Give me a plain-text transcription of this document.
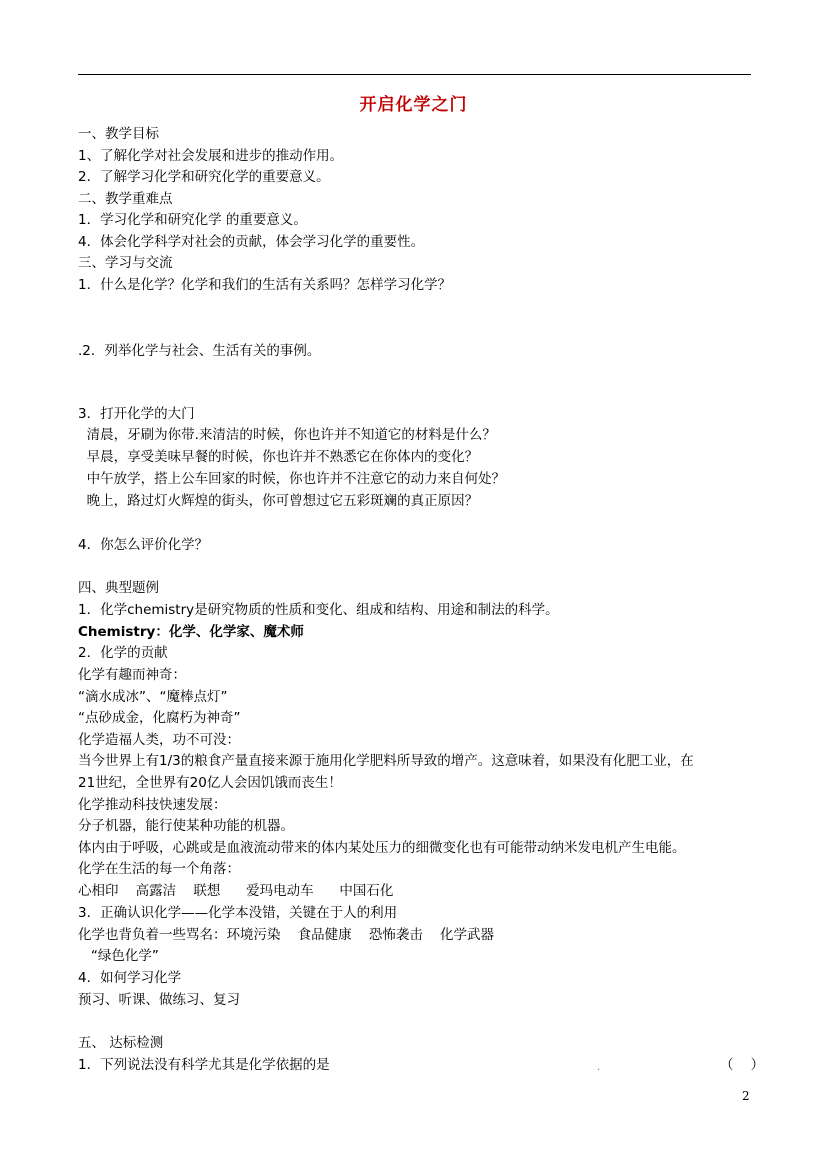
开启化学之门
一、教学目标
1、了解化学对社会发展和进步的推动作用。
2．了解学习化学和研究化学的重要意义。
二、教学重难点
1．学习化学和研究化学 的重要意义。
4．体会化学科学对社会的贡献，体会学习化学的重要性。
三、学习与交流
1．什么是化学？化学和我们的生活有关系吗？怎样学习化学？
.2．列举化学与社会、生活有关的事例。
3．打开化学的大门
清晨，牙刷为你带.来清洁的时候，你也许并不知道它的材料是什么？
早晨，享受美味早餐的时候，你也许并不熟悉它在你体内的变化？
中午放学，搭上公车回家的时候，你也许并不注意它的动力来自何处？
晚上，路过灯火辉煌的街头，你可曾想过它五彩斑斓的真正原因？
4．你怎么评价化学？
四、典型题例
1．化学chemistry是研究物质的性质和变化、组成和结构、用途和制法的科学。
Chemistry：化学、化学家、魔术师
2．化学的贡献
化学有趣而神奇：
“滴水成冰”、“魔棒点灯”
“点砂成金，化腐朽为神奇”
化学造福人类，功不可没：
当今世界上有1/3的粮食产量直接来源于施用化学肥料所导致的增产。这意味着，如果没有化肥工业，在
21世纪，全世界有20亿人会因饥饿而丧生！
化学推动科技快速发展：
分子机器，能行使某种功能的机器。
体内由于呼吸，心跳或是血液流动带来的体内某处压力的细微变化也有可能带动纳米发电机产生电能。
化学在生活的每一个角落：
心相印    高露洁    联想      爱玛电动车      中国石化
3．正确认识化学——化学本没错，关键在于人的利用
化学也背负着一些骂名：环境污染    食品健康    恐怖袭击    化学武器
“绿色化学”
4．如何学习化学
预习、听课、做练习、复习
五、 达标检测
1．下列说法没有科学尤其是化学依据的是	（    ）
.
2
